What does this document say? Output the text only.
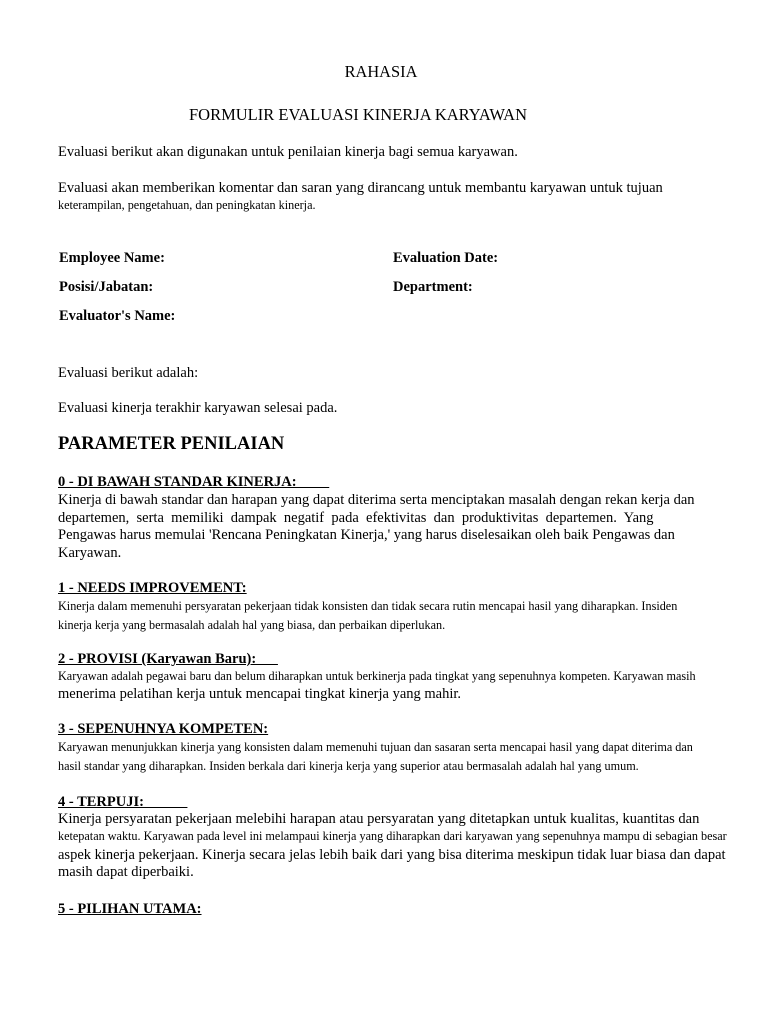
RAHASIA

FORMULIR EVALUASI KINERJA KARYAWAN

Evaluasi berikut akan digunakan untuk penilaian kinerja bagi semua karyawan.

Evaluasi akan memberikan komentar dan saran yang dirancang untuk membantu karyawan untuk tujuan

keterampilan, pengetahuan, dan peningkatan kinerja.

Employee Name:	Evaluation Date:

Posisi/Jabatan:	Department:

Evaluator's Name:

Evaluasi berikut adalah:

Evaluasi kinerja terakhir karyawan selesai pada.

PARAMETER PENILAIAN

0 - DI BAWAH STANDAR KINERJA:

Kinerja di bawah standar dan harapan yang dapat diterima serta menciptakan masalah dengan rekan kerja dan

departemen,  serta  memiliki  dampak  negatif  pada  efektivitas  dan  produktivitas  departemen.  Yang

Pengawas harus memulai 'Rencana Peningkatan Kinerja,' yang harus diselesaikan oleh baik Pengawas dan

Karyawan.

1 - NEEDS IMPROVEMENT:

Kinerja dalam memenuhi persyaratan pekerjaan tidak konsisten dan tidak secara rutin mencapai hasil yang diharapkan. Insiden

kinerja kerja yang bermasalah adalah hal yang biasa, dan perbaikan diperlukan.

2 - PROVISI (Karyawan Baru):

Karyawan adalah pegawai baru dan belum diharapkan untuk berkinerja pada tingkat yang sepenuhnya kompeten. Karyawan masih

menerima pelatihan kerja untuk mencapai tingkat kinerja yang mahir.

3 - SEPENUHNYA KOMPETEN:

Karyawan menunjukkan kinerja yang konsisten dalam memenuhi tujuan dan sasaran serta mencapai hasil yang dapat diterima dan

hasil standar yang diharapkan. Insiden berkala dari kinerja kerja yang superior atau bermasalah adalah hal yang umum.

4 - TERPUJI:

Kinerja persyaratan pekerjaan melebihi harapan atau persyaratan yang ditetapkan untuk kualitas, kuantitas dan

ketepatan waktu. Karyawan pada level ini melampaui kinerja yang diharapkan dari karyawan yang sepenuhnya mampu di sebagian besar

aspek kinerja pekerjaan. Kinerja secara jelas lebih baik dari yang bisa diterima meskipun tidak luar biasa dan dapat

masih dapat diperbaiki.

5 - PILIHAN UTAMA:
